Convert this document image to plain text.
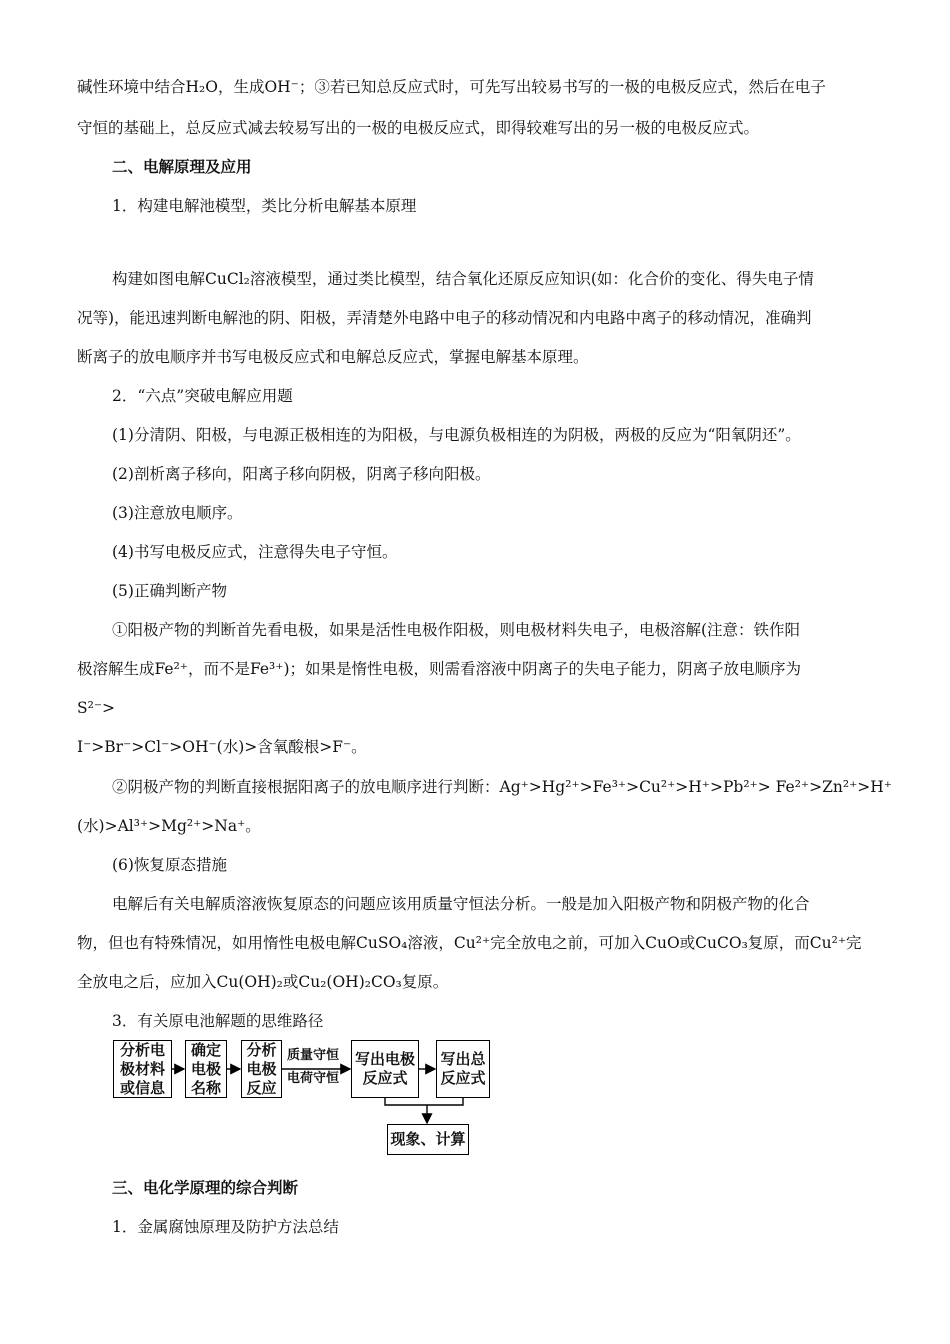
碱性环境中结合H₂O，生成OH⁻；③若已知总反应式时，可先写出较易书写的一极的电极反应式，然后在电子
守恒的基础上，总反应式减去较易写出的一极的电极反应式，即得较难写出的另一极的电极反应式。
二、电解原理及应用
1．构建电解池模型，类比分析电解基本原理
构建如图电解CuCl₂溶液模型，通过类比模型，结合氧化还原反应知识(如：化合价的变化、得失电子情
况等)，能迅速判断电解池的阴、阳极，弄清楚外电路中电子的移动情况和内电路中离子的移动情况，准确判
断离子的放电顺序并书写电极反应式和电解总反应式，掌握电解基本原理。
2．“六点”突破电解应用题
(1)分清阴、阳极，与电源正极相连的为阳极，与电源负极相连的为阴极，两极的反应为“阳氧阴还”。
(2)剖析离子移向，阳离子移向阴极，阴离子移向阳极。
(3)注意放电顺序。
(4)书写电极反应式，注意得失电子守恒。
(5)正确判断产物
①阳极产物的判断首先看电极，如果是活性电极作阳极，则电极材料失电子，电极溶解(注意：铁作阳
极溶解生成Fe²⁺，而不是Fe³⁺)；如果是惰性电极，则需看溶液中阴离子的失电子能力，阴离子放电顺序为
S²⁻>
I⁻>Br⁻>Cl⁻>OH⁻(水)>含氧酸根>F⁻。
②阴极产物的判断直接根据阳离子的放电顺序进行判断：Ag⁺>Hg²⁺>Fe³⁺>Cu²⁺>H⁺>Pb²⁺> Fe²⁺>Zn²⁺>H⁺
(水)>Al³⁺>Mg²⁺>Na⁺。
(6)恢复原态措施
电解后有关电解质溶液恢复原态的问题应该用质量守恒法分析。一般是加入阳极产物和阴极产物的化合
物，但也有特殊情况，如用惰性电极电解CuSO₄溶液，Cu²⁺完全放电之前，可加入CuO或CuCO₃复原，而Cu²⁺完
全放电之后，应加入Cu(OH)₂或Cu₂(OH)₂CO₃复原。
3．有关原电池解题的思维路径
分析电
极材料
或信息
确定
电极
名称
分析
电极
反应
质量守恒
电荷守恒
写出电极
反应式
写出总
反应式
现象、计算
三、电化学原理的综合判断
1．金属腐蚀原理及防护方法总结
